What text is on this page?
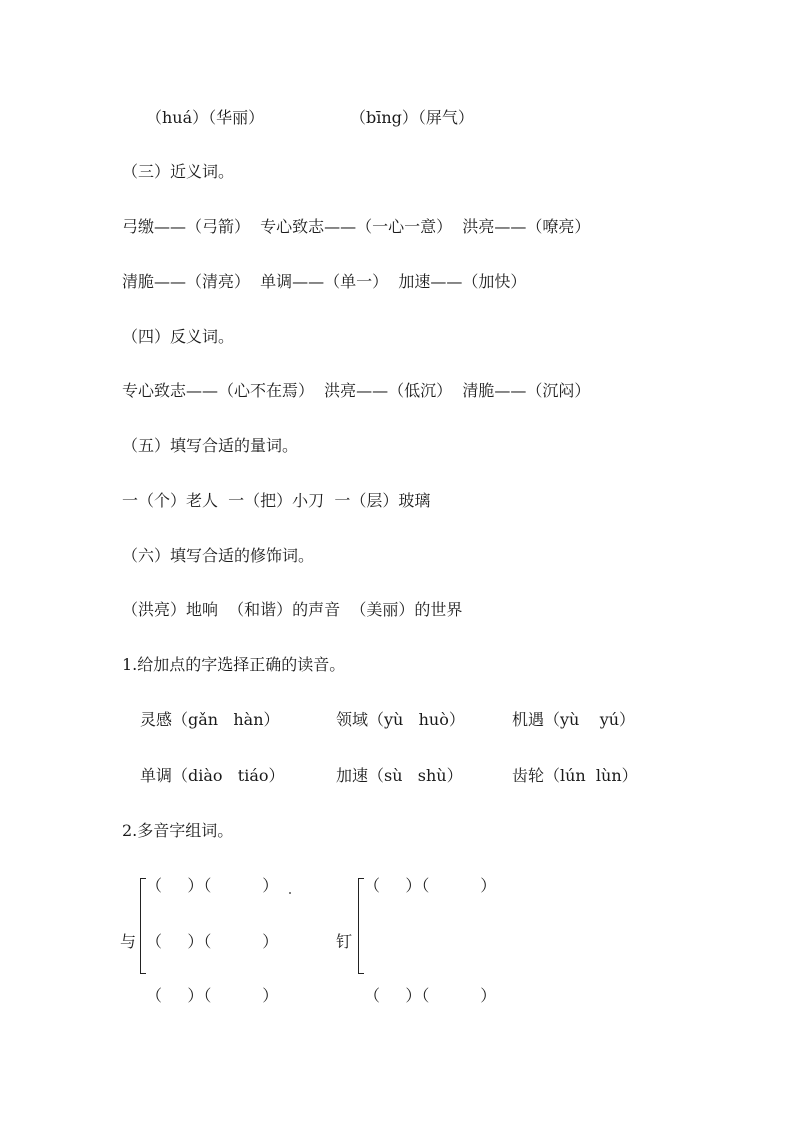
（huá）（华丽）	（bīng）（屏气）
（三）近义词。
弓缴——（弓箭）  专心致志——（一心一意）  洪亮——（嘹亮）
清脆——（清亮）  单调——（单一）  加速——（加快）
（四）反义词。
专心致志——（心不在焉）  洪亮——（低沉）  清脆——（沉闷）
（五）填写合适的量词。
一（个）老人  一（把）小刀  一（层）玻璃
（六）填写合适的修饰词。
（洪亮）地响  （和谐）的声音  （美丽）的世界
1.给加点的字选择正确的读音。
灵感（gǎn   hàn）	领域（yù   huò）	机遇（yù    yú）
单调（diào   tiáo）	加速（sù   shù）	齿轮（lún  lùn）
2.多音字组词。
与
（     ）（          ）
（     ）（          ）
（     ）（          ）
钉
（     ）（          ）
（     ）（          ）
